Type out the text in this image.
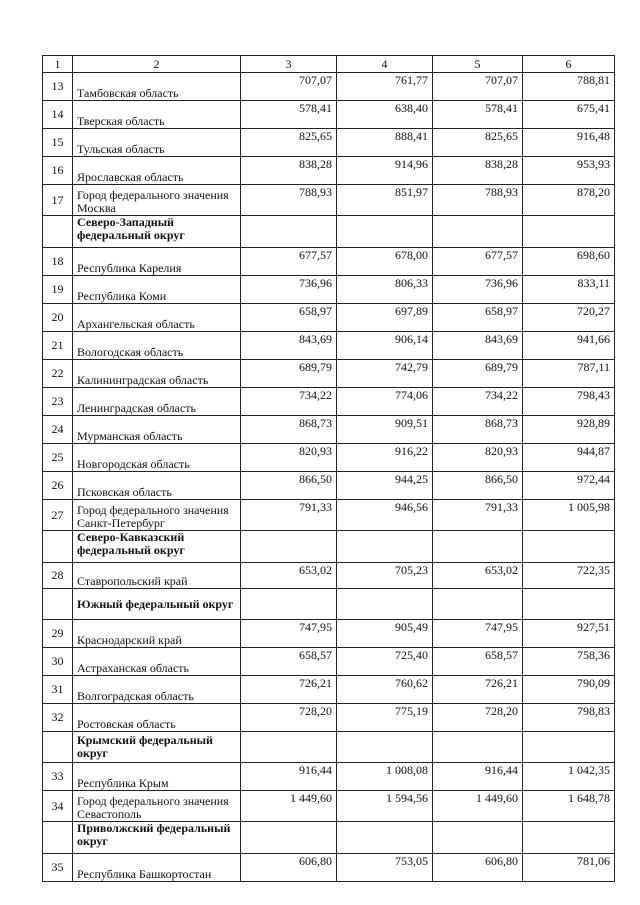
1	2	3	4	5	6
13	Тамбовская область	707,07	761,77	707,07	788,81
14	Тверская область	578,41	638,40	578,41	675,41
15	Тульская область	825,65	888,41	825,65	916,48
16	Ярославская область	838,28	914,96	838,28	953,93
17	Город федерального значения Москва	788,93	851,97	788,93	878,20
	Северо-Западный федеральный округ				
18	Республика Карелия	677,57	678,00	677,57	698,60
19	Республика Коми	736,96	806,33	736,96	833,11
20	Архангельская область	658,97	697,89	658,97	720,27
21	Вологодская область	843,69	906,14	843,69	941,66
22	Калининградская область	689,79	742,79	689,79	787,11
23	Ленинградская область	734,22	774,06	734,22	798,43
24	Мурманская область	868,73	909,51	868,73	928,89
25	Новгородская область	820,93	916,22	820,93	944,87
26	Псковская область	866,50	944,25	866,50	972,44
27	Город федерального значения Санкт-Петербург	791,33	946,56	791,33	1 005,98
	Северо-Кавказский федеральный округ				
28	Ставропольский край	653,02	705,23	653,02	722,35
	Южный федеральный округ				
29	Краснодарский край	747,95	905,49	747,95	927,51
30	Астраханская область	658,57	725,40	658,57	758,36
31	Волгоградская область	726,21	760,62	726,21	790,09
32	Ростовская область	728,20	775,19	728,20	798,83
	Крымский федеральный округ				
33	Республика Крым	916,44	1 008,08	916,44	1 042,35
34	Город федерального значения Севастополь	1 449,60	1 594,56	1 449,60	1 648,78
	Приволжский федеральный округ				
35	Республика Башкортостан	606,80	753,05	606,80	781,06
